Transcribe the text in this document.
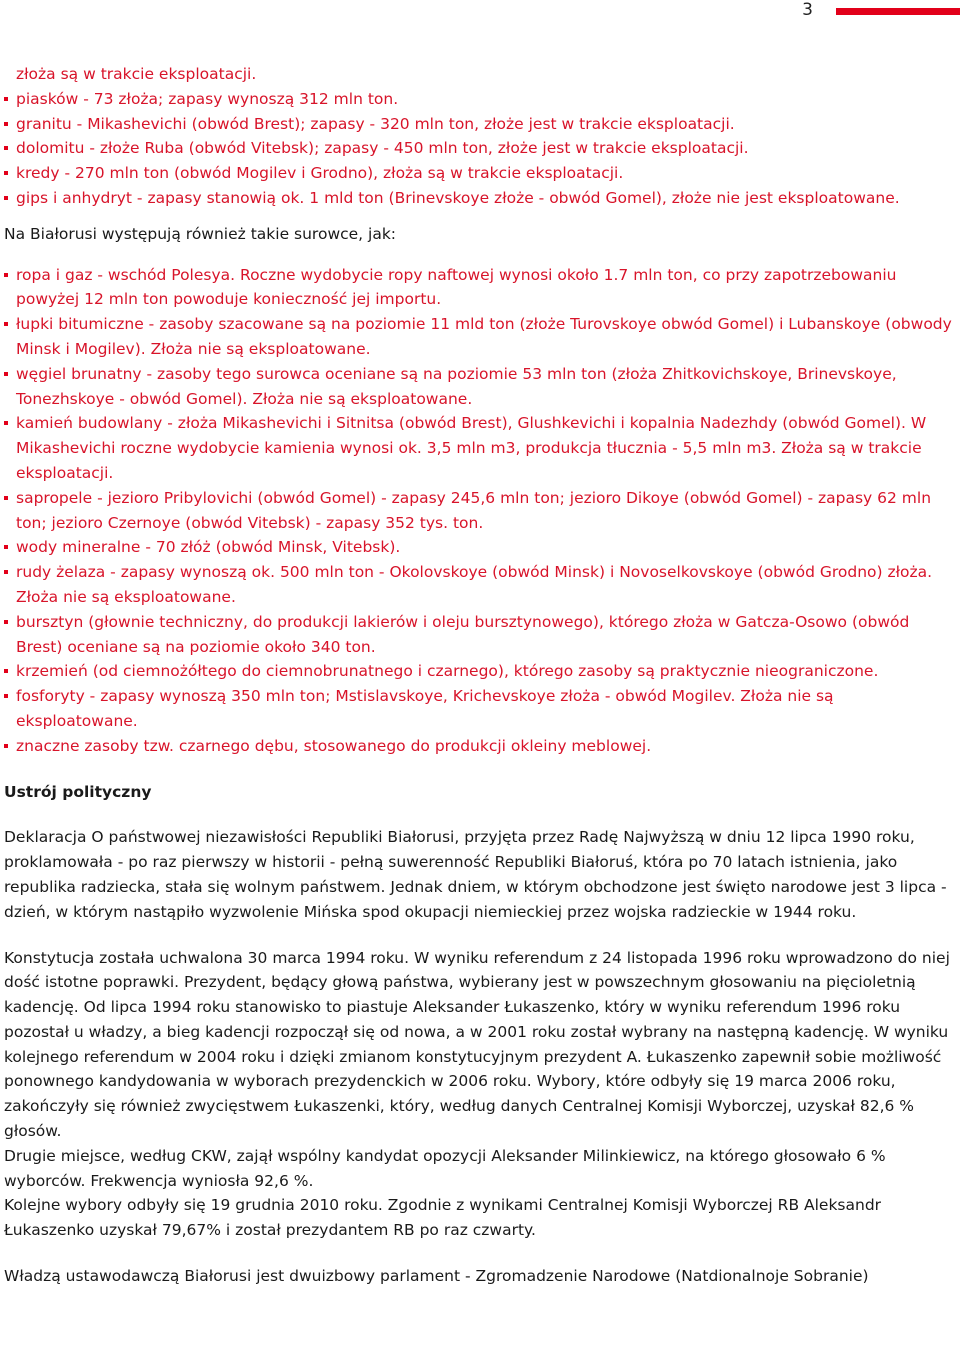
3
złoża są w trakcie eksploatacji.
piasków - 73 złoża; zapasy wynoszą 312 mln ton.
granitu - Mikashevichi (obwód Brest); zapasy - 320 mln ton, złoże jest w trakcie eksploatacji.
dolomitu - złoże Ruba (obwód Vitebsk); zapasy - 450 mln ton, złoże jest w trakcie eksploatacji.
kredy - 270 mln ton (obwód Mogilev i Grodno), złoża są w trakcie eksploatacji.
gips i anhydryt - zapasy stanowią ok. 1 mld ton (Brinevskoye złoże - obwód Gomel), złoże nie jest eksploatowane.

Na Białorusi występują również takie surowce, jak:

ropa i gaz - wschód Polesya. Roczne wydobycie ropy naftowej wynosi około 1.7 mln ton, co przy zapotrzebowaniu powyżej 12 mln ton powoduje konieczność jej importu.
łupki bitumiczne - zasoby szacowane są na poziomie 11 mld ton (złoże Turovskoye obwód Gomel) i Lubanskoye (obwody Minsk i Mogilev). Złoża nie są eksploatowane.
węgiel brunatny - zasoby tego surowca oceniane są na poziomie 53 mln ton (złoża Zhitkovichskoye, Brinevskoye, Tonezhskoye - obwód Gomel). Złoża nie są eksploatowane.
kamień budowlany - złoża Mikashevichi i Sitnitsa (obwód Brest), Glushkevichi i kopalnia Nadezhdy (obwód Gomel). W Mikashevichi roczne wydobycie kamienia wynosi ok. 3,5 mln m3, produkcja tłucznia - 5,5 mln m3. Złoża są w trakcie eksploatacji.
sapropele - jezioro Pribylovichi (obwód Gomel) - zapasy 245,6 mln ton; jezioro Dikoye (obwód Gomel) - zapasy 62 mln ton; jezioro Czernoye (obwód Vitebsk) - zapasy 352 tys. ton.
wody mineralne - 70 złóż (obwód Minsk, Vitebsk).
rudy żelaza - zapasy wynoszą ok. 500 mln ton - Okolovskoye (obwód Minsk) i Novoselkovskoye (obwód Grodno) złoża. Złoża nie są eksploatowane.
bursztyn (głownie techniczny, do produkcji lakierów i oleju bursztynowego), którego złoża w Gatcza-Osowo (obwód Brest) oceniane są na poziomie około 340 ton.
krzemień (od ciemnożółtego do ciemnobrunatnego i czarnego), którego zasoby są praktycznie nieograniczone.
fosforyty - zapasy wynoszą 350 mln ton; Mstislavskoye, Krichevskoye złoża - obwód Mogilev. Złoża nie są eksploatowane.
znaczne zasoby tzw. czarnego dębu, stosowanego do produkcji okleiny meblowej.
Ustrój polityczny

Deklaracja O państwowej niezawisłości Republiki Białorusi, przyjęta przez Radę Najwyższą w dniu 12 lipca 1990 roku, proklamowała - po raz pierwszy w historii - pełną suwerenność Republiki Białoruś, która po 70 latach istnienia, jako republika radziecka, stała się wolnym państwem. Jednak dniem, w którym obchodzone jest święto narodowe jest 3 lipca - dzień, w którym nastąpiło wyzwolenie Mińska spod okupacji niemieckiej przez wojska radzieckie w 1944 roku.

Konstytucja została uchwalona 30 marca 1994 roku. W wyniku referendum z 24 listopada 1996 roku wprowadzono do niej dość istotne poprawki. Prezydent, będący głową państwa, wybierany jest w powszechnym głosowaniu na pięcioletnią kadencję. Od lipca 1994 roku stanowisko to piastuje Aleksander Łukaszenko, który w wyniku referendum 1996 roku pozostał u władzy, a bieg kadencji rozpoczął się od nowa, a w 2001 roku został wybrany na następną kadencję. W wyniku kolejnego referendum w 2004 roku i dzięki zmianom konstytucyjnym prezydent A. Łukaszenko zapewnił sobie możliwość ponownego kandydowania w wyborach prezydenckich w 2006 roku. Wybory, które odbyły się 19 marca 2006 roku, zakończyły się również zwycięstwem Łukaszenki, który, według danych Centralnej Komisji Wyborczej, uzyskał 82,6 % głosów.

Drugie miejsce, według CKW, zajął wspólny kandydat opozycji Aleksander Milinkiewicz, na którego głosowało 6 % wyborców. Frekwencja wyniosła 92,6 %.

Kolejne wybory odbyły się 19 grudnia 2010 roku. Zgodnie z wynikami Centralnej Komisji Wyborczej RB Aleksandr Łukaszenko uzyskał 79,67% i został prezydantem RB po raz czwarty.

Władzą ustawodawczą Białorusi jest dwuizbowy parlament - Zgromadzenie Narodowe (Natdionalnoje Sobranie)
